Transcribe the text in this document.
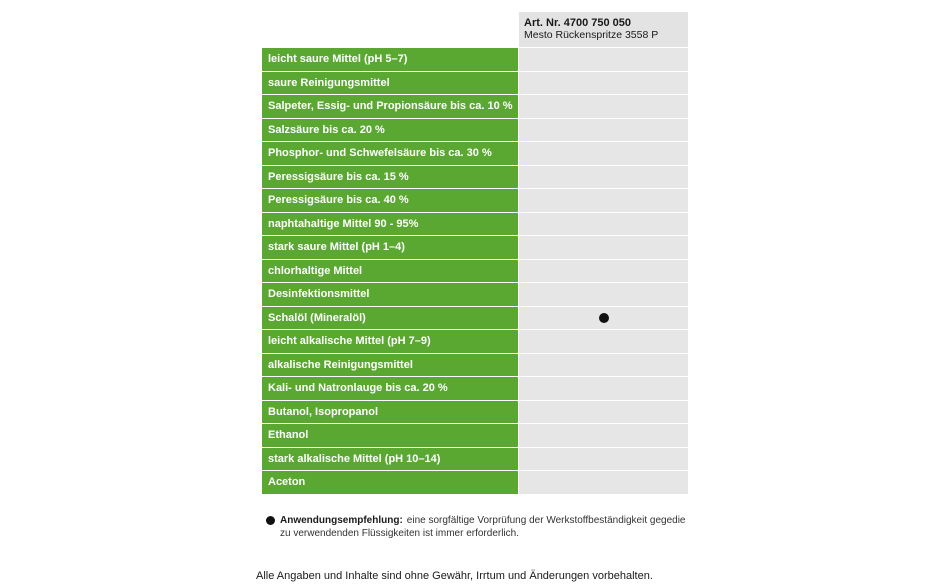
Art. Nr. 4700 750 050
Mesto Rückenspritze 3558 P
leicht saure Mittel (pH 5–7)
saure Reinigungsmittel
Salpeter, Essig- und Propionsäure bis ca. 10 %
Salzsäure bis ca. 20 %
Phosphor- und Schwefelsäure bis ca. 30 %
Peressigsäure bis ca. 15 %
Peressigsäure bis ca. 40 %
naphtahaltige Mittel 90 - 95%
stark saure Mittel (pH 1–4)
chlorhaltige Mittel
Desinfektionsmittel
Schalöl (Mineralöl)
leicht alkalische Mittel (pH 7–9)
alkalische Reinigungsmittel
Kali- und Natronlauge bis ca. 20 %
Butanol, Isopropanol
Ethanol
stark alkalische Mittel (pH 10–14)
Aceton
Anwendungsempfehlung: eine sorgfältige Vorprüfung der Werkstoffbeständigkeit gegedie
zu verwendenden Flüssigkeiten ist immer erforderlich.
Alle Angaben und Inhalte sind ohne Gewähr, Irrtum und Änderungen vorbehalten.
